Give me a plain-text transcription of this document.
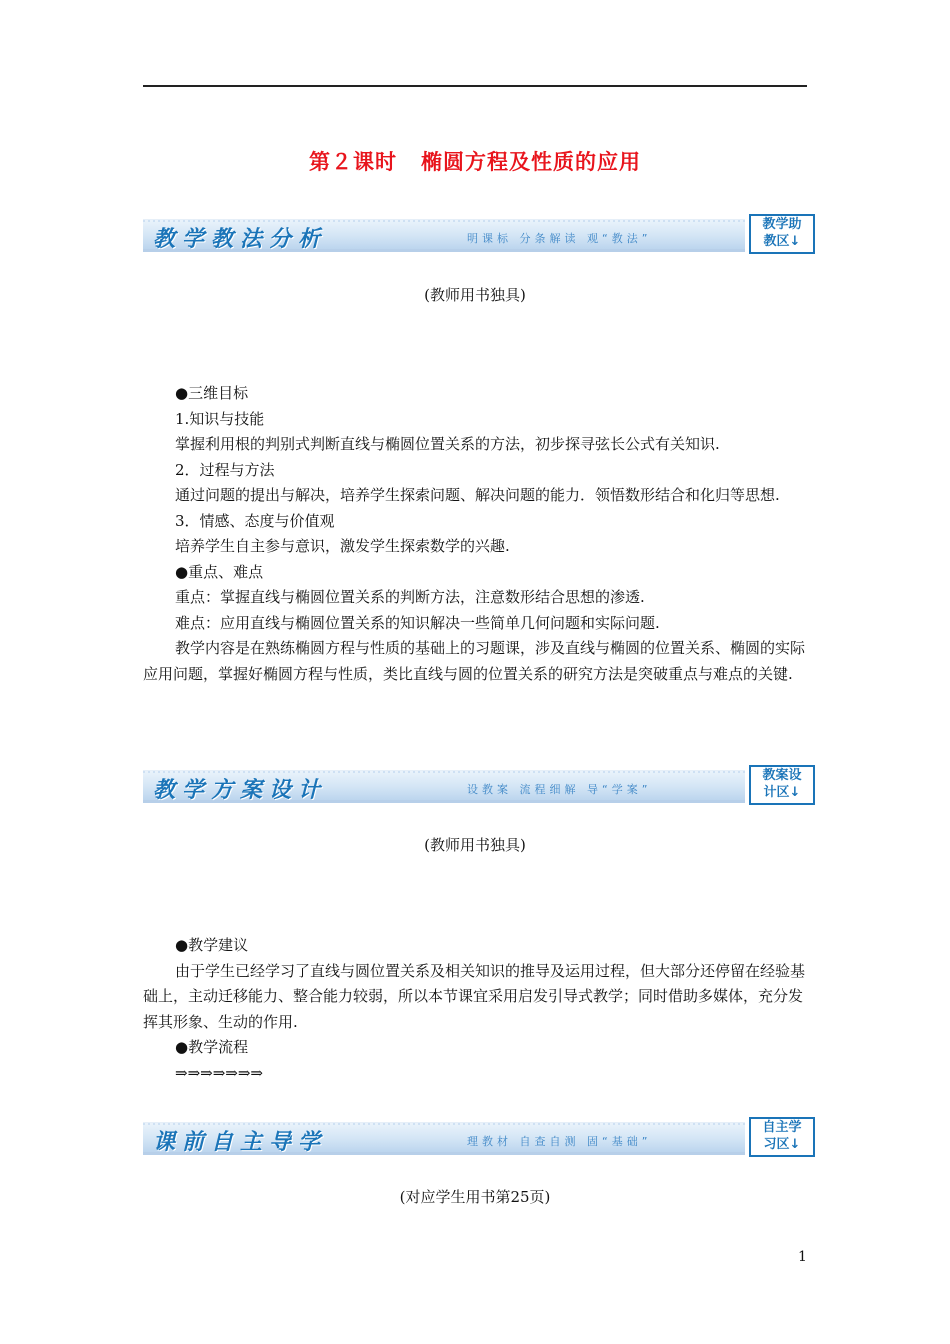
第２课时 椭圆方程及性质的应用
教学教法分析	明课标 分条解读 观“教法”
教学助
教区↓
(教师用书独具)

●三维目标

1.知识与技能

掌握利用根的判别式判断直线与椭圆位置关系的方法，初步探寻弦长公式有关知识.

2．过程与方法

通过问题的提出与解决，培养学生探索问题、解决问题的能力．领悟数形结合和化归等思想.

3．情感、态度与价值观

培养学生自主参与意识，激发学生探索数学的兴趣.

●重点、难点

重点：掌握直线与椭圆位置关系的判断方法，注意数形结合思想的渗透.

难点：应用直线与椭圆位置关系的知识解决一些简单几何问题和实际问题.

教学内容是在熟练椭圆方程与性质的基础上的习题课，涉及直线与椭圆的位置关系、椭圆的实际应用问题，掌握好椭圆方程与性质，类比直线与圆的位置关系的研究方法是突破重点与难点的关键.

教学方案设计	设教案 流程细解 导“学案”
教案设
计区↓
(教师用书独具)

●教学建议

由于学生已经学习了直线与圆位置关系及相关知识的推导及运用过程，但大部分还停留在经验基础上，主动迁移能力、整合能力较弱，所以本节课宜采用启发引导式教学；同时借助多媒体，充分发挥其形象、生动的作用.

●教学流程

⇒⇒⇒⇒⇒⇒⇒

课前自主导学	理教材 自查自测 固“基础”
自主学
习区↓
(对应学生用书第25页)
1
